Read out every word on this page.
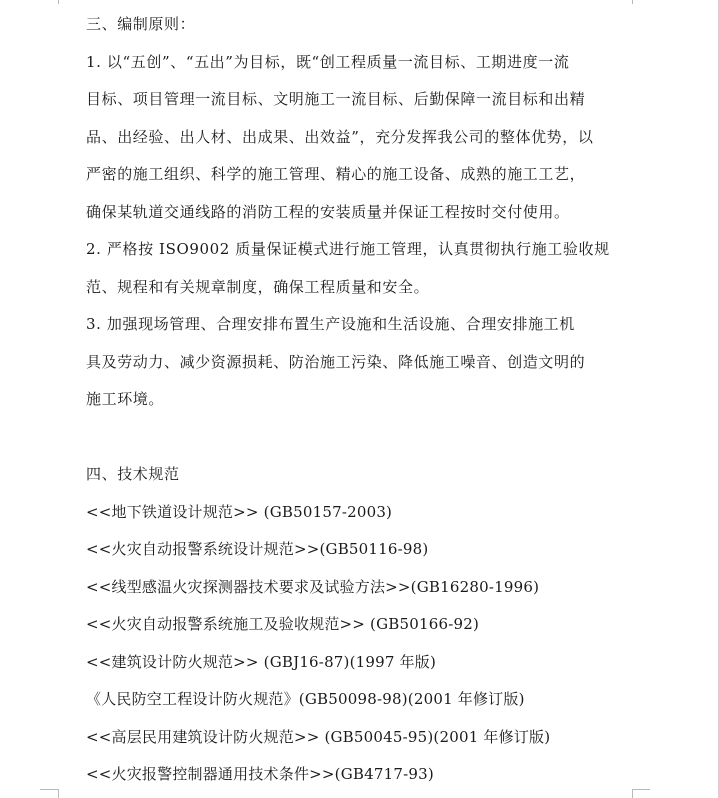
三、编制原则：
1. 以“五创”、“五出”为目标，既“创工程质量一流目标、工期进度一流
目标、项目管理一流目标、文明施工一流目标、后勤保障一流目标和出精
品、出经验、出人材、出成果、出效益”，充分发挥我公司的整体优势，以
严密的施工组织、科学的施工管理、精心的施工设备、成熟的施工工艺，
确保某轨道交通线路的消防工程的安装质量并保证工程按时交付使用。
2. 严格按 ISO9002 质量保证模式进行施工管理，认真贯彻执行施工验收规
范、规程和有关规章制度，确保工程质量和安全。
3. 加强现场管理、合理安排布置生产设施和生活设施、合理安排施工机
具及劳动力、减少资源损耗、防治施工污染、降低施工噪音、创造文明的
施工环境。
四、技术规范
<<地下铁道设计规范>> (GB50157-2003)
<<火灾自动报警系统设计规范>>(GB50116-98)
<<线型感温火灾探测器技术要求及试验方法>>(GB16280-1996)
<<火灾自动报警系统施工及验收规范>> (GB50166-92)
<<建筑设计防火规范>> (GBJ16-87)(1997 年版)
《人民防空工程设计防火规范》(GB50098-98)(2001 年修订版)
<<高层民用建筑设计防火规范>> (GB50045-95)(2001 年修订版)
<<火灾报警控制器通用技术条件>>(GB4717-93)
